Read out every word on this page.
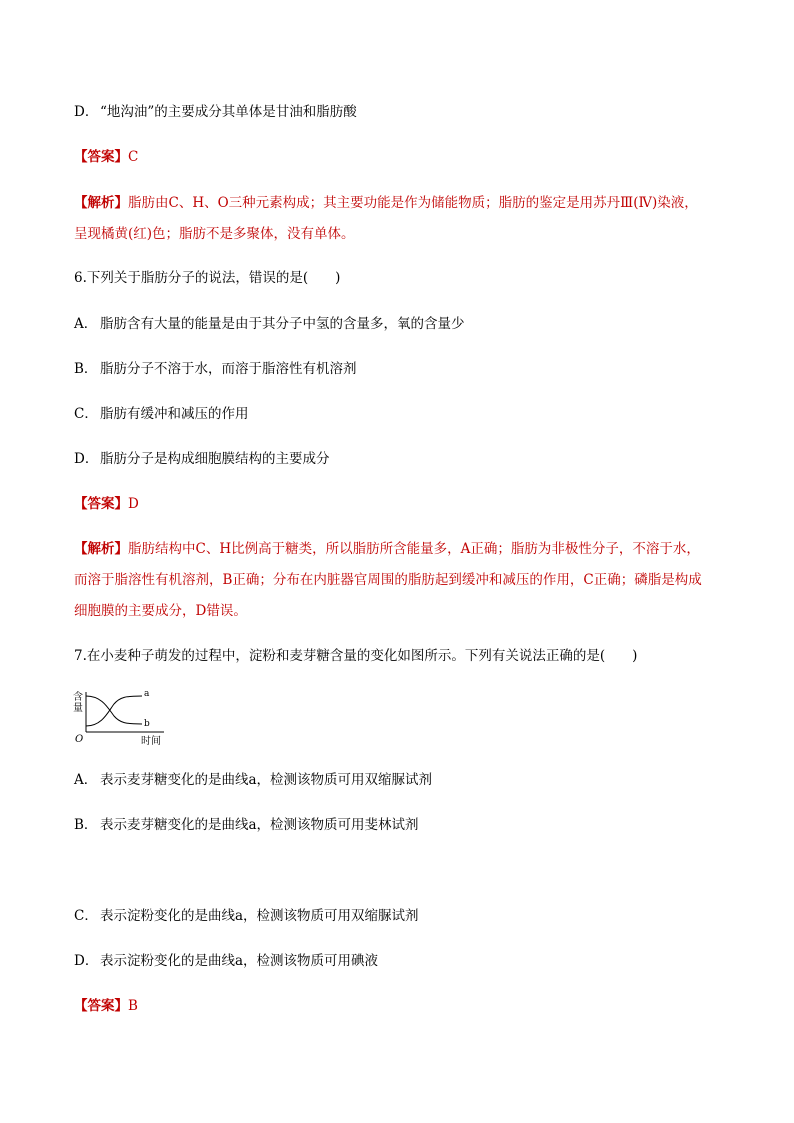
D． “地沟油”的主要成分其单体是甘油和脂肪酸
【答案】C
【解析】脂肪由C、H、O三种元素构成；其主要功能是作为储能物质；脂肪的鉴定是用苏丹Ⅲ(Ⅳ)染液，
呈现橘黄(红)色；脂肪不是多聚体，没有单体。
6.下列关于脂肪分子的说法，错误的是(　　)
A． 脂肪含有大量的能量是由于其分子中氢的含量多，氧的含量少
B． 脂肪分子不溶于水，而溶于脂溶性有机溶剂
C． 脂肪有缓冲和减压的作用
D． 脂肪分子是构成细胞膜结构的主要成分
【答案】D
【解析】脂肪结构中C、H比例高于糖类，所以脂肪所含能量多，A正确；脂肪为非极性分子，不溶于水，
而溶于脂溶性有机溶剂，B正确；分布在内脏器官周围的脂肪起到缓冲和减压的作用，C正确；磷脂是构成
细胞膜的主要成分，D错误。
7.在小麦种子萌发的过程中，淀粉和麦芽糖含量的变化如图所示。下列有关说法正确的是(　　)
含
量
O	时间
a
b
A． 表示麦芽糖变化的是曲线a，检测该物质可用双缩脲试剂
B． 表示麦芽糖变化的是曲线a，检测该物质可用斐林试剂
C． 表示淀粉变化的是曲线a，检测该物质可用双缩脲试剂
D． 表示淀粉变化的是曲线a，检测该物质可用碘液
【答案】B
